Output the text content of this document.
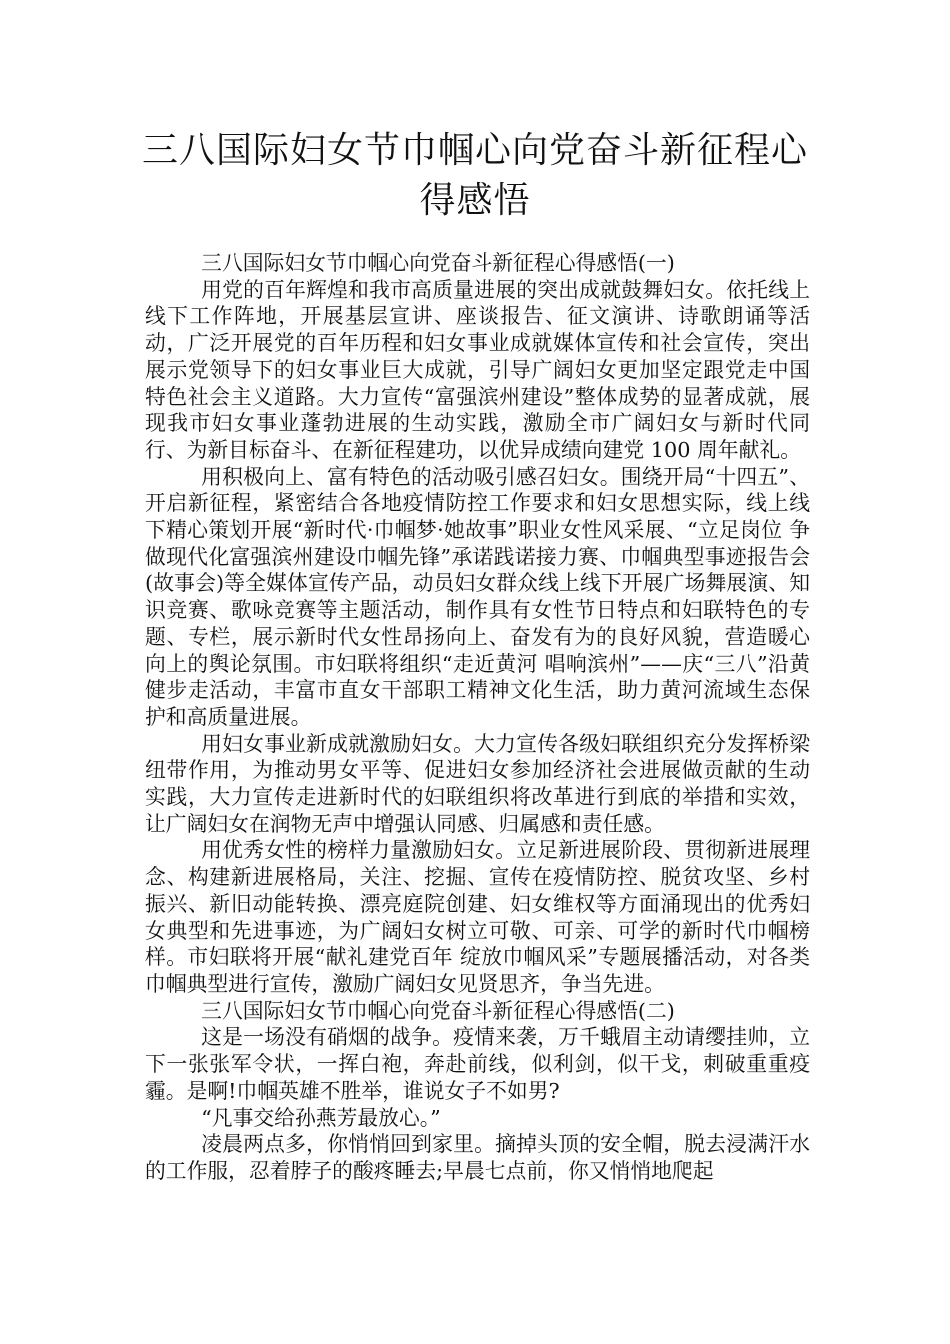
三八国际妇女节巾帼心向党奋斗新征程心得感悟

三八国际妇女节巾帼心向党奋斗新征程心得感悟(一)

用党的百年辉煌和我市高质量进展的突出成就鼓舞妇女。依托线上线下工作阵地，开展基层宣讲、座谈报告、征文演讲、诗歌朗诵等活动，广泛开展党的百年历程和妇女事业成就媒体宣传和社会宣传，突出展示党领导下的妇女事业巨大成就，引导广阔妇女更加坚定跟党走中国特色社会主义道路。大力宣传“富强滨州建设”整体成势的显著成就，展现我市妇女事业蓬勃进展的生动实践，激励全市广阔妇女与新时代同行、为新目标奋斗、在新征程建功，以优异成绩向建党 100 周年献礼。

用积极向上、富有特色的活动吸引感召妇女。围绕开局“十四五”、开启新征程，紧密结合各地疫情防控工作要求和妇女思想实际，线上线下精心策划开展“新时代·巾帼梦·她故事”职业女性风采展、“立足岗位 争做现代化富强滨州建设巾帼先锋”承诺践诺接力赛、巾帼典型事迹报告会(故事会)等全媒体宣传产品，动员妇女群众线上线下开展广场舞展演、知识竞赛、歌咏竞赛等主题活动，制作具有女性节日特点和妇联特色的专题、专栏，展示新时代女性昂扬向上、奋发有为的良好风貌，营造暖心向上的舆论氛围。市妇联将组织“走近黄河 唱响滨州”——庆“三八”沿黄健步走活动，丰富市直女干部职工精神文化生活，助力黄河流域生态保护和高质量进展。

用妇女事业新成就激励妇女。大力宣传各级妇联组织充分发挥桥梁纽带作用，为推动男女平等、促进妇女参加经济社会进展做贡献的生动实践，大力宣传走进新时代的妇联组织将改革进行到底的举措和实效，让广阔妇女在润物无声中增强认同感、归属感和责任感。

用优秀女性的榜样力量激励妇女。立足新进展阶段、贯彻新进展理念、构建新进展格局，关注、挖掘、宣传在疫情防控、脱贫攻坚、乡村振兴、新旧动能转换、漂亮庭院创建、妇女维权等方面涌现出的优秀妇女典型和先进事迹，为广阔妇女树立可敬、可亲、可学的新时代巾帼榜样。市妇联将开展“献礼建党百年 绽放巾帼风采”专题展播活动，对各类巾帼典型进行宣传，激励广阔妇女见贤思齐，争当先进。

三八国际妇女节巾帼心向党奋斗新征程心得感悟(二)

这是一场没有硝烟的战争。疫情来袭，万千蛾眉主动请缨挂帅，立下一张张军令状，一挥白袍，奔赴前线，似利剑，似干戈，刺破重重疫霾。是啊!巾帼英雄不胜举，谁说女子不如男?

“凡事交给孙燕芳最放心。”

凌晨两点多，你悄悄回到家里。摘掉头顶的安全帽，脱去浸满汗水的工作服，忍着脖子的酸疼睡去;早晨七点前，你又悄悄地爬起
